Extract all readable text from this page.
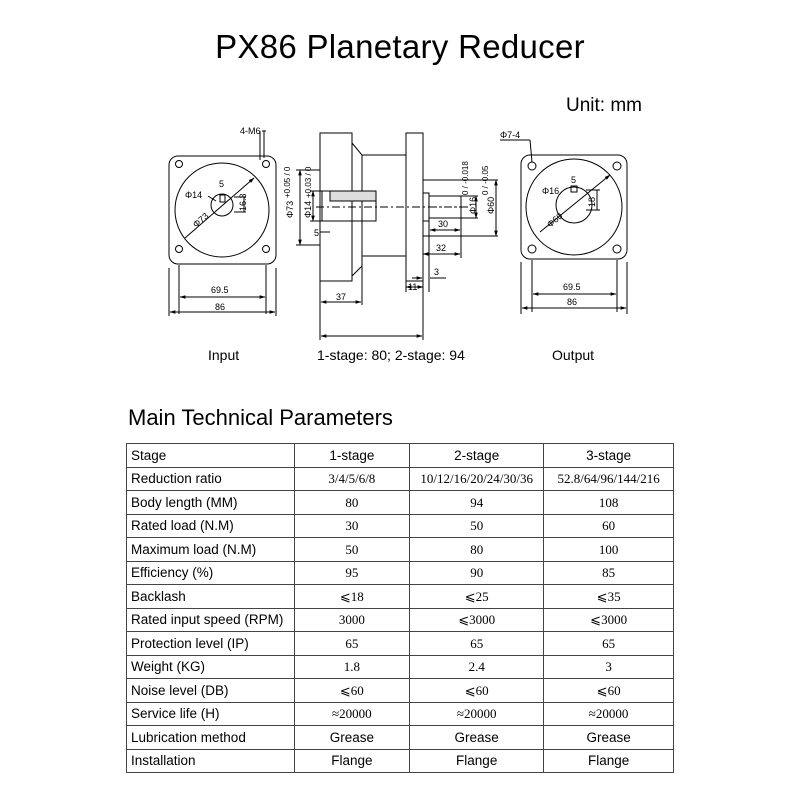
PX86 Planetary Reducer
Unit: mm
4-M6
Φ14
5
16.3
Φ73
69.5
86
Φ73
+0.05 / 0
Φ14
+0.03 / 0
5
37
Φ16
0 / -0.018
Φ60
0 / -0.05
30
32
3
11
Φ7-4
Φ16
5
18
Φ60
69.5
86
Input	1-stage: 80; 2-stage: 94	Output
Main Technical Parameters
Stage	1-stage	2-stage	3-stage
Reduction ratio	3/4/5/6/8	10/12/16/20/24/30/36	52.8/64/96/144/216
Body length (MM)	80	94	108
Rated load (N.M)	30	50	60
Maximum load (N.M)	50	80	100
Efficiency (%)	95	90	85
Backlash	⩽18	⩽25	⩽35
Rated input speed (RPM)	3000	⩽3000	⩽3000
Protection level (IP)	65	65	65
Weight (KG)	1.8	2.4	3
Noise level (DB)	⩽60	⩽60	⩽60
Service life (H)	≈20000	≈20000	≈20000
Lubrication method	Grease	Grease	Grease
Installation	Flange	Flange	Flange
